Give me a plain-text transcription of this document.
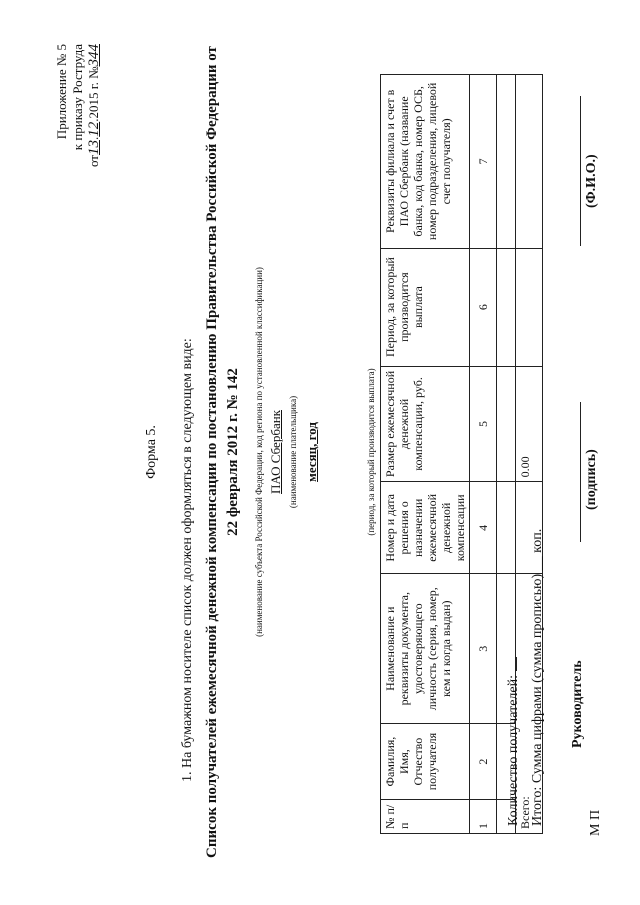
Приложение № 5 к приказу Роструда
от13.12.2015 г. №344
Форма 5. 1. На бумажном носителе список должен оформляться в следующем виде: Список получателей ежемесячной денежной компенсации по постановлению Правительства Российской Федерации от 22 февраля 2012 г. № 142	(наименование субъекта Российской Федерации, код региона по установленной классификации) ПАО Сбербанк (наименование плательщика) месяц, год	(период, за который производится выплата)
№ п/п	Фамилия, Имя, Отчество получателя	Наименование и реквизиты документа, удостоверяющего личность (серия, номер, кем и когда выдан)	Номер и дата решения о назначении ежемесячной денежной компенсации	Размер ежемесячной денежной компенсации, руб.	Период, за который производится выплата	Реквизиты филиала и счет в ПАО Сбербанк (название банка, код банка, номер ОСБ, номер подразделения, лицевой счет получателя)
1	2	3	4	5	6	7

Всего:				0.00		
Количество получателей: Итого: Сумма цифрами (сумма прописью) __ коп. Руководитель
М П
(подпись)
(Ф.И.О.)
